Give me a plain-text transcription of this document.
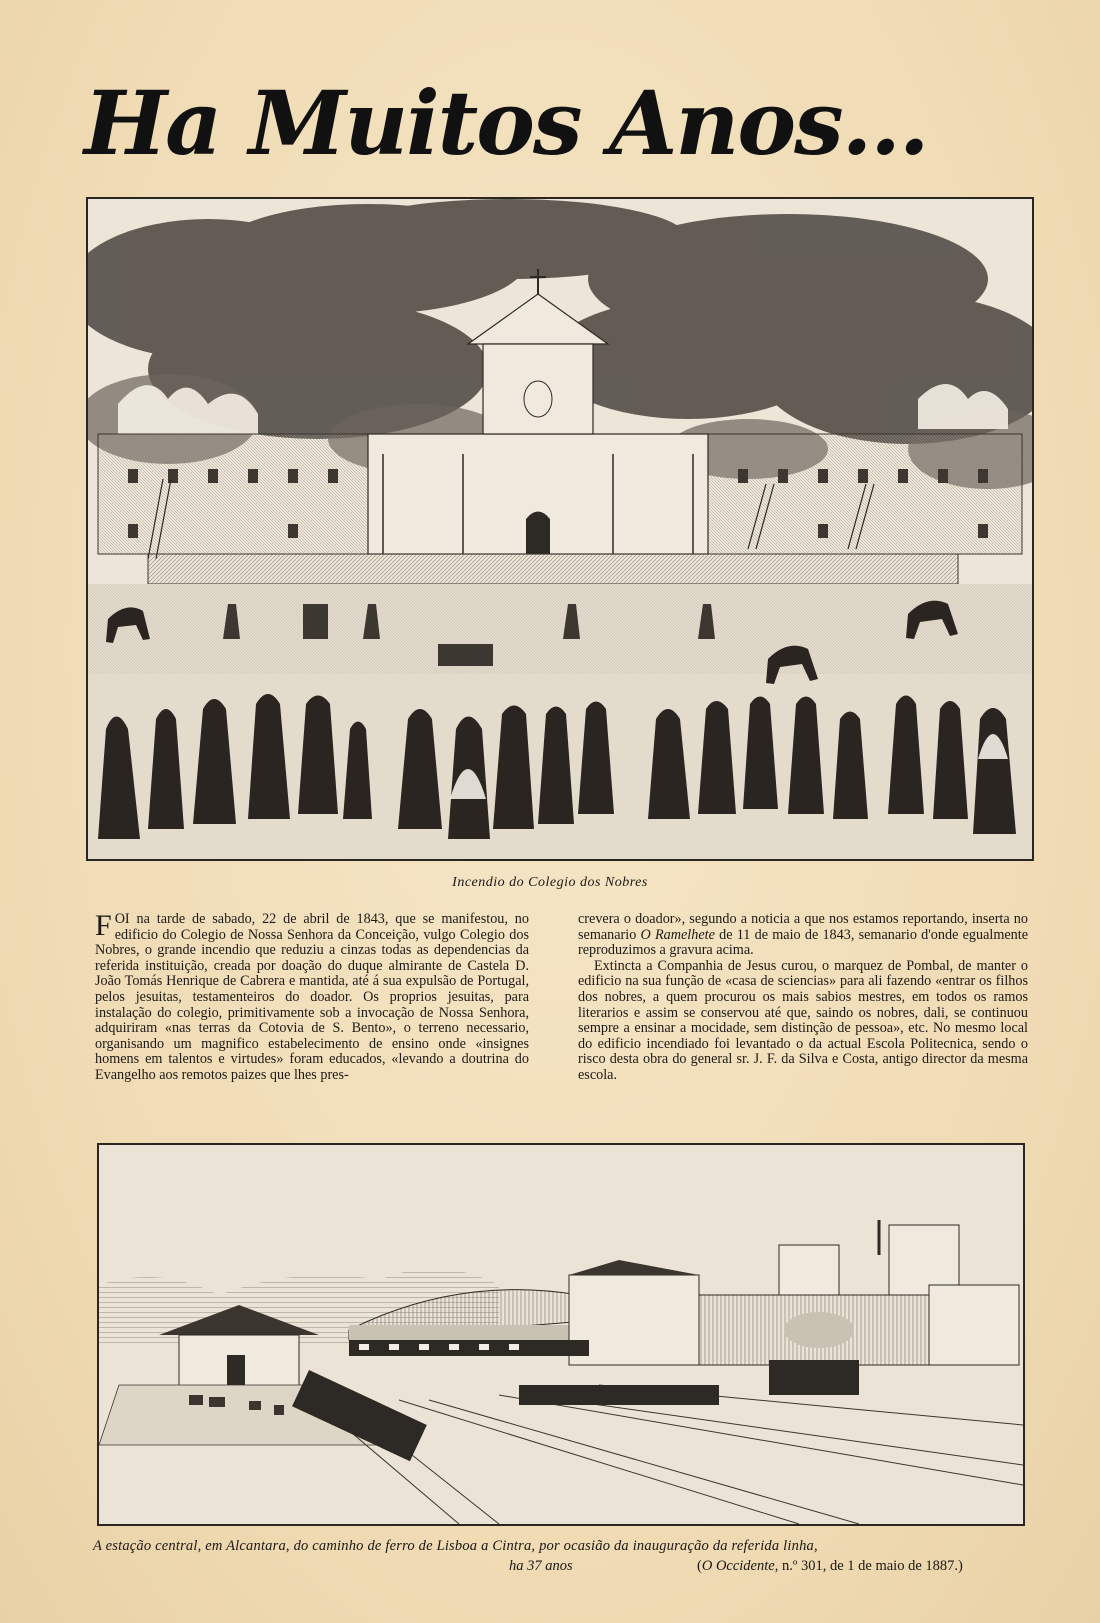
Ha Muitos Anos...
Incendio do Colegio dos Nobres

FOI na tarde de sabado, 22 de abril de 1843, que se manifestou, no edificio do Colegio de Nossa Senhora da Conceição, vulgo Colegio dos Nobres, o grande incendio que reduziu a cinzas todas as dependencias da referida instituição, creada por doação do duque almirante de Castela D. João Tomás Henrique de Cabrera e mantida, até á sua expulsão de Portugal, pelos jesuitas, testamenteiros do doador. Os proprios jesuitas, para instalação do colegio, primitivamente sob a invocação de Nossa Senhora, adquiriram «nas terras da Cotovia de S. Bento», o terreno necessario, organisando um magnifico estabelecimento de ensino onde «insignes homens em talentos e virtudes» foram educados, «levando a doutrina do Evangelho aos remotos paizes que lhes pres-

crevera o doador», segundo a noticia a que nos estamos reportando, inserta no semanario O Ramelhete de 11 de maio de 1843, semanario d'onde egualmente reproduzimos a gravura acima.

Extincta a Companhia de Jesus curou, o marquez de Pombal, de manter o edificio na sua função de «casa de sciencias» para ali fazendo «entrar os filhos dos nobres, a quem procurou os mais sabios mestres, em todos os ramos literarios e assim se conservou até que, saindo os nobres, dali, se continuou sempre a ensinar a mocidade, sem distinção de pessoa», etc. No mesmo local do edificio incendiado foi levantado o da actual Escola Politecnica, sendo o risco desta obra do general sr. J. F. da Silva e Costa, antigo director da mesma escola.

A estação central, em Alcantara, do caminho de ferro de Lisboa a Cintra, por ocasião da inauguração da referida linha,
ha 37 anos	(O Occidente, n.º 301, de 1 de maio de 1887.)
